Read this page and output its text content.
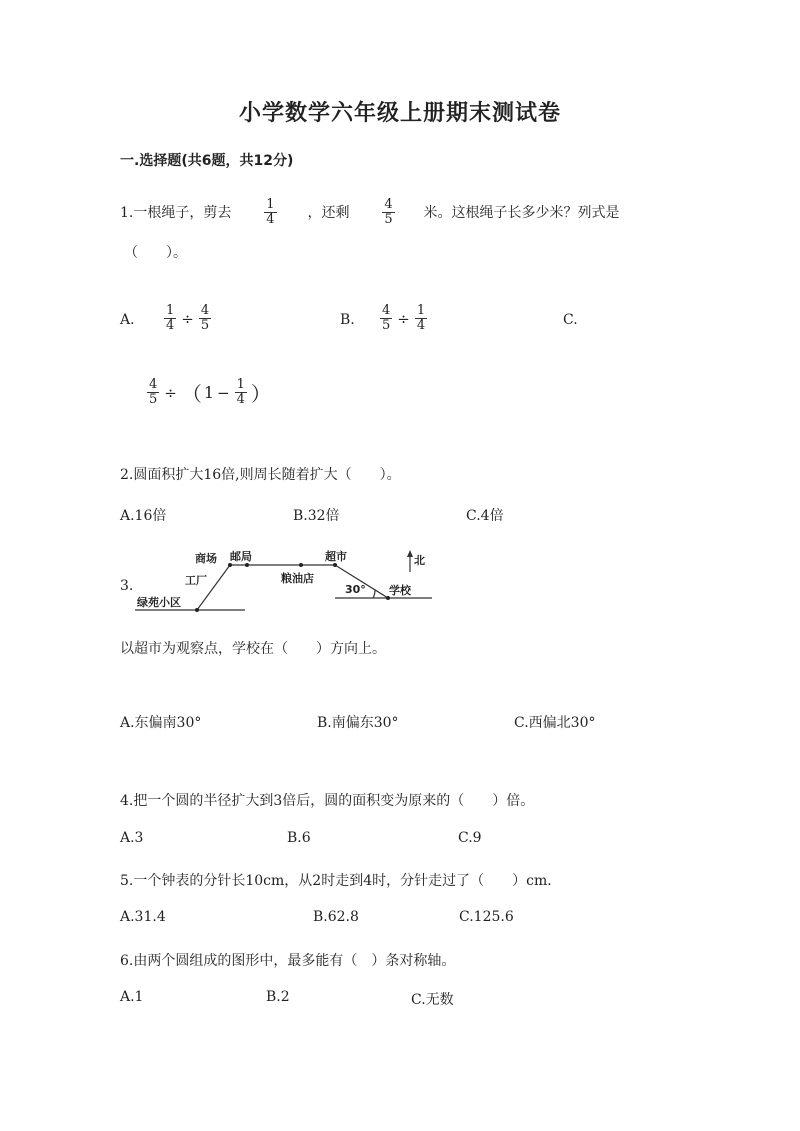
小学数学六年级上册期末测试卷
一.选择题(共6题，共12分)
1.一根绳子，剪去	$\frac{1}{4}$ ，还剩	$\frac{4}{5}$ 米。这根绳子长多少米？列式是
（　　）。
A. $\frac{1}{4} \div \frac{4}{5}$	B. $\frac{4}{5} \div \frac{1}{4}$	C.
$\frac{4}{5}$ ÷ （ $1 - \frac{1}{4}$ ）
2.圆面积扩大16倍,则周长随着扩大（　　）。
A.16倍	B.32倍	C.4倍
3.
商场 邮局	超市	北
工厂	粮油店
绿苑小区
30° 学校
以超市为观察点，学校在（　　）方向上。
A.东偏南30°	B.南偏东30°	C.西偏北30°
4.把一个圆的半径扩大到3倍后，圆的面积变为原来的（　　）倍。
A.3	B.6	C.9
5.一个钟表的分针长10cm，从2时走到4时，分针走过了（　　）cm.
A.31.4	B.62.8	C.125.6
6.由两个圆组成的图形中，最多能有（　）条对称轴。
A.1	B.2	C.无数
